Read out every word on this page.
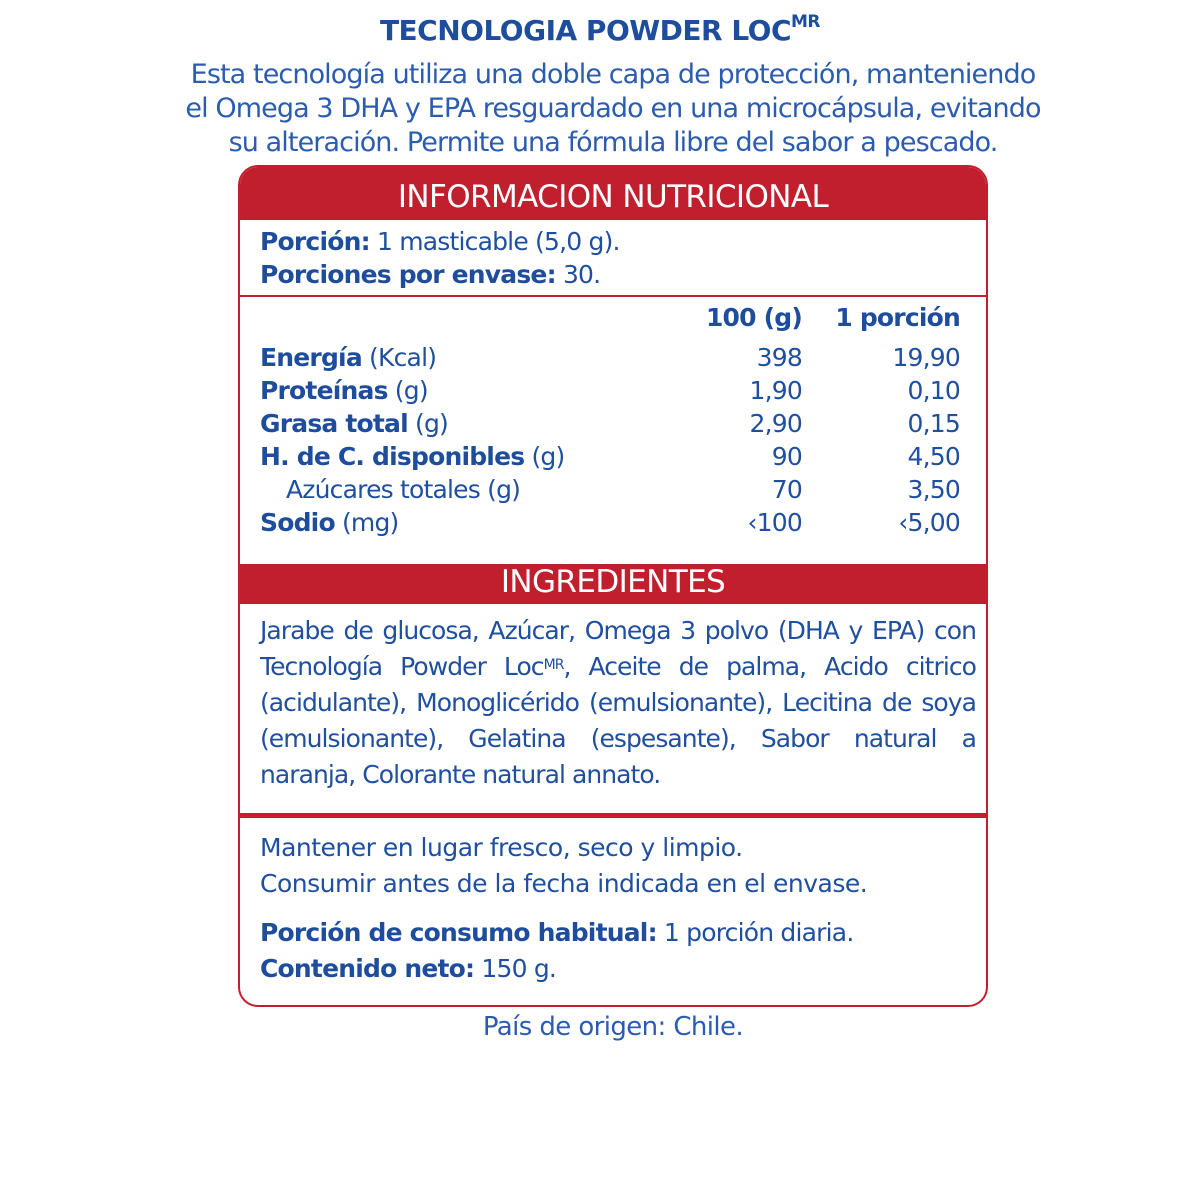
TECNOLOGIA POWDER $LOC^{MR}$
Esta tecnología utiliza una doble capa de protección, manteniendo
el Omega 3 DHA y EPA resguardado en una microcápsula, evitando
su alteración. Permite una fórmula libre del sabor a pescado.
INFORMACION NUTRICIONAL
Porción: 1 masticable (5,0 g).
Porciones por envase: 30.
100 (g)	1 porción
Energía (Kcal)	398	19,90
Proteínas (g)	1,90	0,10
Grasa total (g)	2,90	0,15
H. de C. disponibles (g)	90	4,50
Azúcares totales (g)	70	3,50
Sodio (mg)	‹100	‹5,00
INGREDIENTES
Jarabe de glucosa, Azúcar, Omega 3 polvo (DHA y EPA) con Tecnología Powder Loc$^{MR}$, Aceite de palma, Acido citrico (acidulante), Monoglicérido (emulsionante), Lecitina de soya (emulsionante), Gelatina (espesante), Sabor natural a naranja, Colorante natural annato.
Mantener en lugar fresco, seco y limpio.
Consumir antes de la fecha indicada en el envase.
Porción de consumo habitual: 1 porción diaria.
Contenido neto: 150 g.
País de origen: Chile.
